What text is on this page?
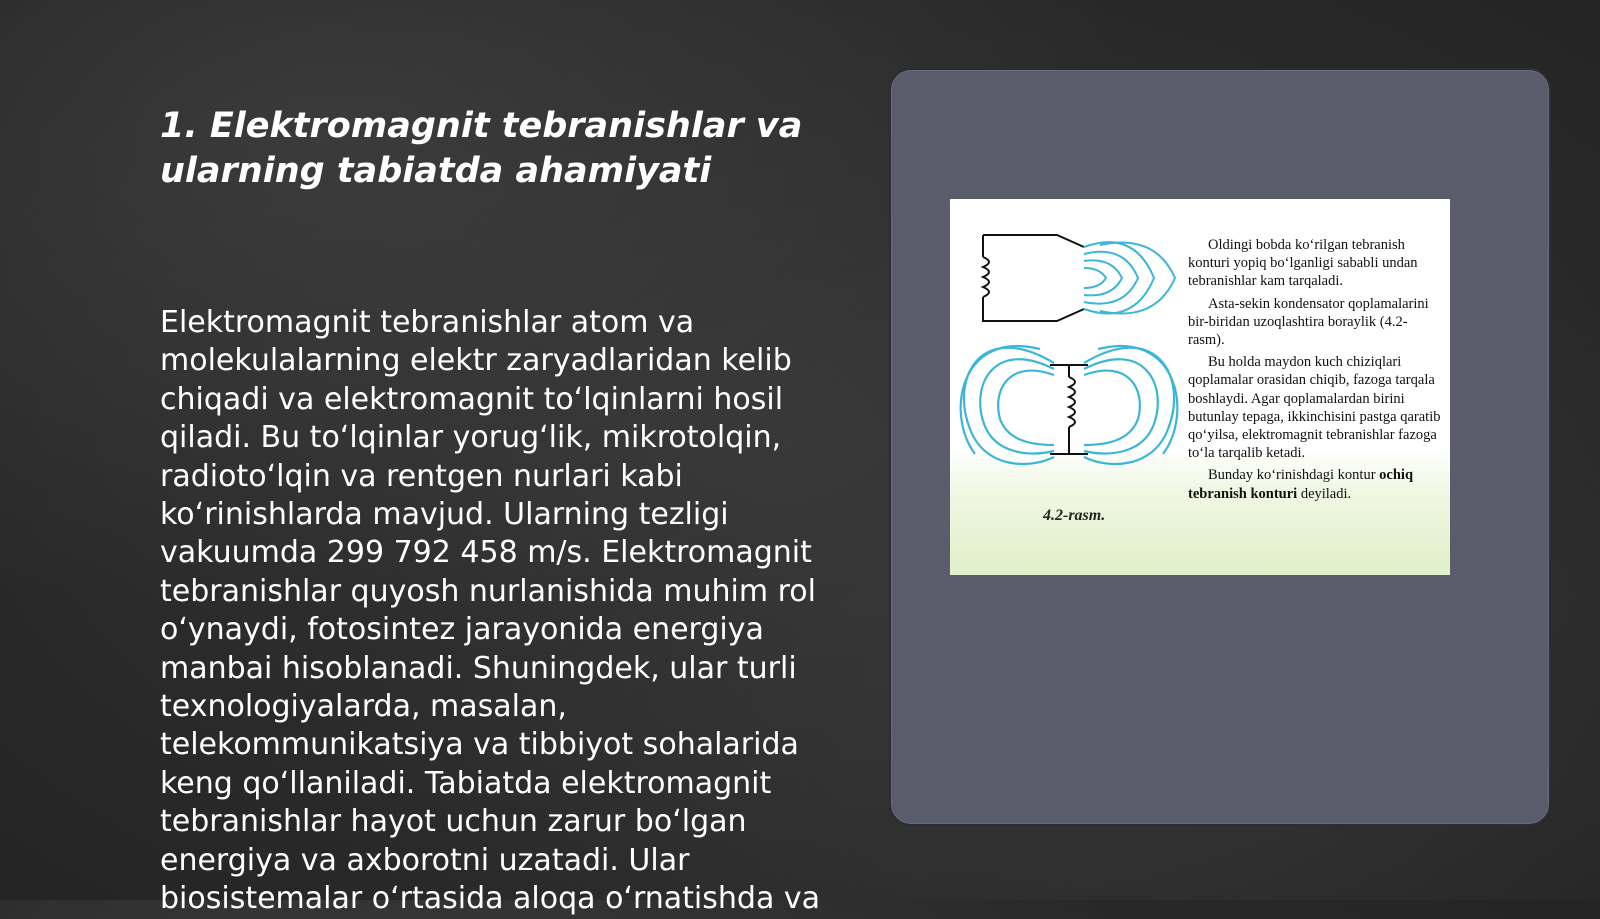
1. Elektromagnit tebranishlar va ularning tabiatda ahamiyati

Elektromagnit tebranishlar atom va molekulalarning elektr zaryadlaridan kelib chiqadi va elektromagnit toʻlqinlarni hosil qiladi. Bu toʻlqinlar yorugʻlik, mikrotolqin, radiotoʻlqin va rentgen nurlari kabi koʻrinishlarda mavjud. Ularning tezligi vakuumda 299 792 458 m/s. Elektromagnit tebranishlar quyosh nurlanishida muhim rol oʻynaydi, fotosintez jarayonida energiya manbai hisoblanadi. Shuningdek, ular turli texnologiyalarda, masalan, telekommunikatsiya va tibbiyot sohalarida keng qoʻllaniladi. Tabiatda elektromagnit tebranishlar hayot uchun zarur boʻlgan energiya va axborotni uzatadi. Ular biosistemalar oʻrtasida aloqa oʻrnatishda va

4.2-rasm.

Oldingi bobda ko‘rilgan tebranish konturi yopiq bo‘lganligi sababli undan tebranishlar kam tarqaladi.

Asta-sekin kondensator qoplamalarini bir-biridan uzoqlashtira boraylik (4.2-rasm).

Bu holda maydon kuch chiziqlari qoplamalar orasidan chiqib, fazoga tarqala boshlaydi. Agar qoplamalardan birini butunlay tepaga, ikkinchisini pastga qaratib qo‘yilsa, elektromagnit tebranishlar fazoga to‘la tarqalib ketadi.

Bunday ko‘rinishdagi kontur ochiq tebranish konturi deyiladi.
